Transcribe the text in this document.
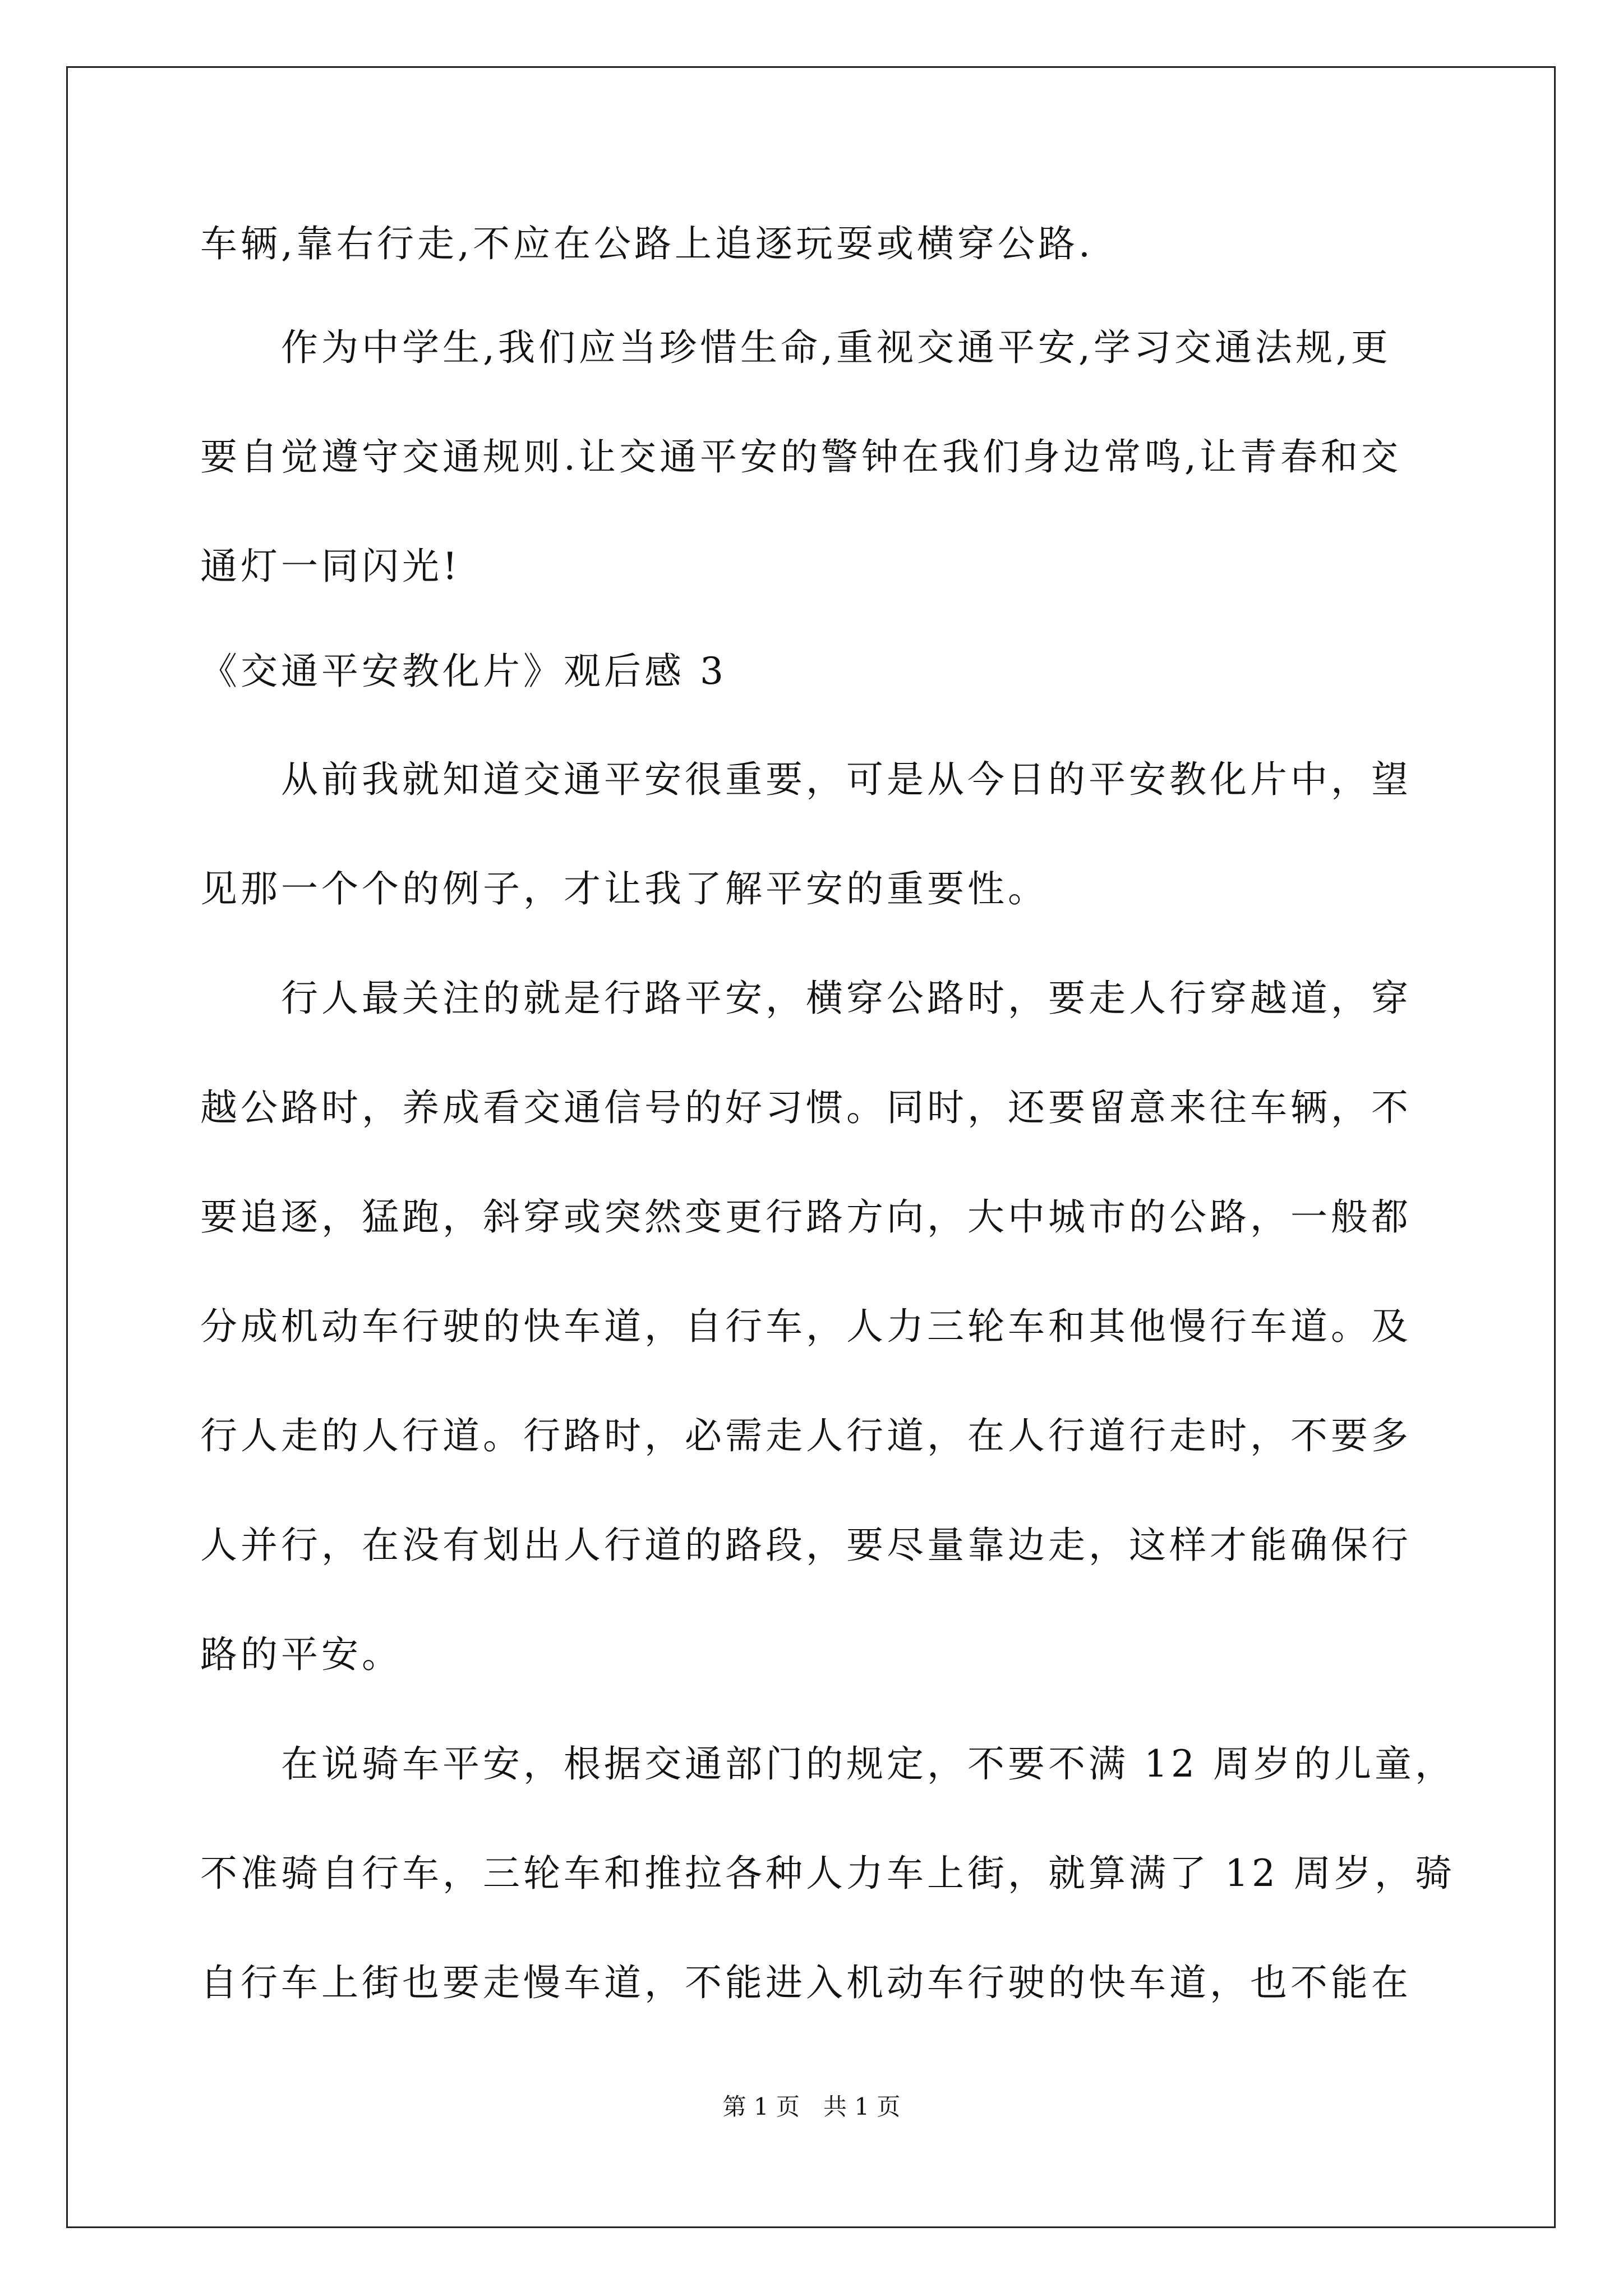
车辆,靠右行走,不应在公路上追逐玩耍或横穿公路.
　　作为中学生,我们应当珍惜生命,重视交通平安,学习交通法规,更
要自觉遵守交通规则.让交通平安的警钟在我们身边常鸣,让青春和交
通灯一同闪光!
《交通平安教化片》观后感 3
　　从前我就知道交通平安很重要，可是从今日的平安教化片中，望
见那一个个的例子，才让我了解平安的重要性。
　　行人最关注的就是行路平安，横穿公路时，要走人行穿越道，穿
越公路时，养成看交通信号的好习惯。同时，还要留意来往车辆，不
要追逐，猛跑，斜穿或突然变更行路方向，大中城市的公路，一般都
分成机动车行驶的快车道，自行车，人力三轮车和其他慢行车道。及
行人走的人行道。行路时，必需走人行道，在人行道行走时，不要多
人并行，在没有划出人行道的路段，要尽量靠边走，这样才能确保行
路的平安。
　　在说骑车平安，根据交通部门的规定，不要不满 12 周岁的儿童，
不准骑自行车，三轮车和推拉各种人力车上街，就算满了 12 周岁，骑
自行车上街也要走慢车道，不能进入机动车行驶的快车道，也不能在
第 1 页　共 1 页
